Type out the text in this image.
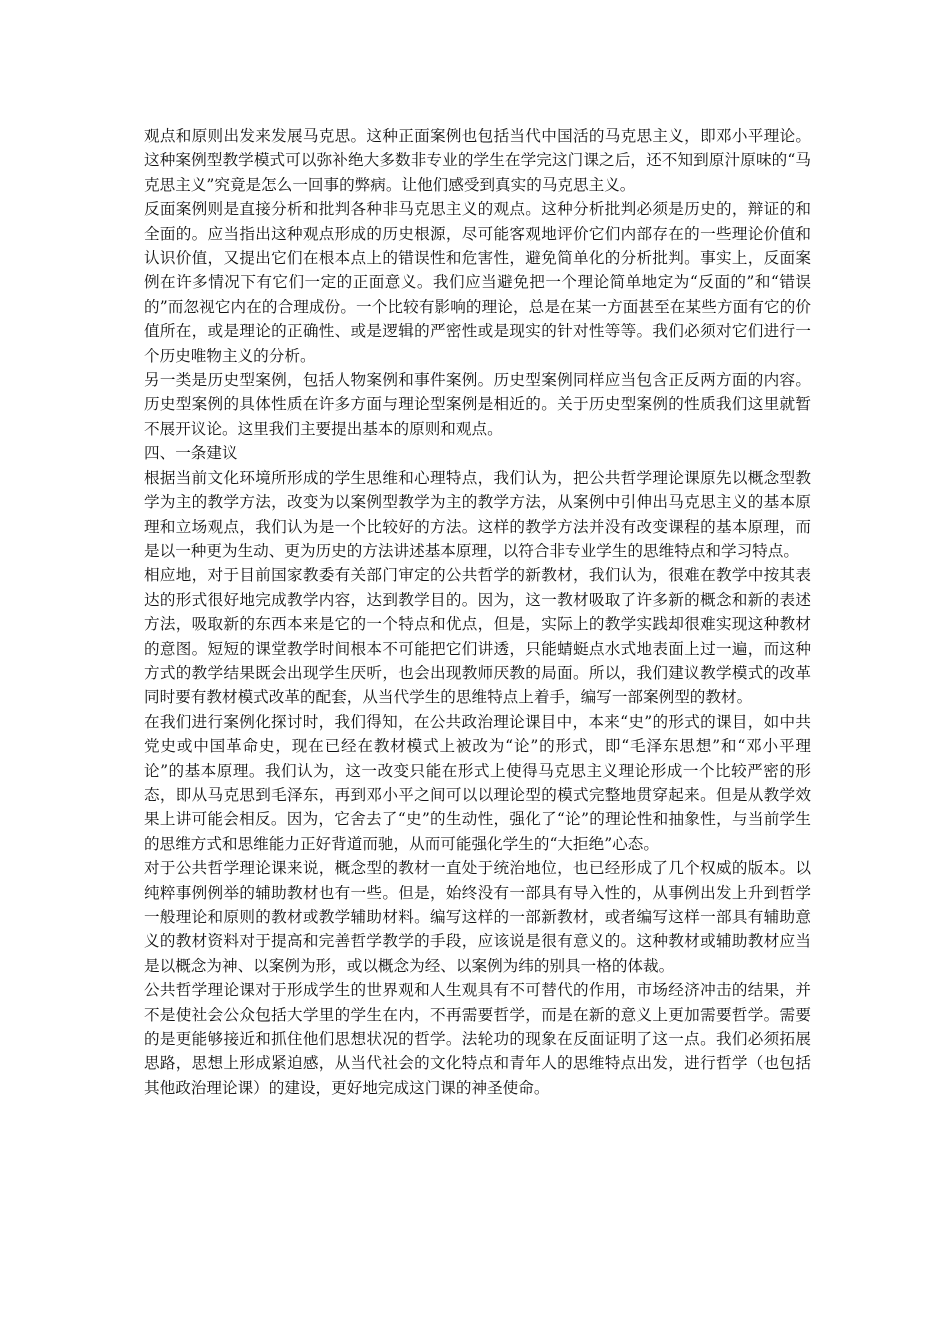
观点和原则出发来发展马克思。这种正面案例也包括当代中国活的马克思主义，即邓小平理论。这种案例型教学模式可以弥补绝大多数非专业的学生在学完这门课之后，还不知到原汁原味的“马克思主义”究竟是怎么一回事的弊病。让他们感受到真实的马克思主义。

反面案例则是直接分析和批判各种非马克思主义的观点。这种分析批判必须是历史的，辩证的和全面的。应当指出这种观点形成的历史根源，尽可能客观地评价它们内部存在的一些理论价值和认识价值，又提出它们在根本点上的错误性和危害性，避免简单化的分析批判。事实上，反面案例在许多情况下有它们一定的正面意义。我们应当避免把一个理论简单地定为“反面的”和“错误的”而忽视它内在的合理成份。一个比较有影响的理论，总是在某一方面甚至在某些方面有它的价值所在，或是理论的正确性、或是逻辑的严密性或是现实的针对性等等。我们必须对它们进行一个历史唯物主义的分析。

另一类是历史型案例，包括人物案例和事件案例。历史型案例同样应当包含正反两方面的内容。历史型案例的具体性质在许多方面与理论型案例是相近的。关于历史型案例的性质我们这里就暂不展开议论。这里我们主要提出基本的原则和观点。

四、一条建议

根据当前文化环境所形成的学生思维和心理特点，我们认为，把公共哲学理论课原先以概念型教学为主的教学方法，改变为以案例型教学为主的教学方法，从案例中引伸出马克思主义的基本原理和立场观点，我们认为是一个比较好的方法。这样的教学方法并没有改变课程的基本原理，而是以一种更为生动、更为历史的方法讲述基本原理，以符合非专业学生的思维特点和学习特点。

相应地，对于目前国家教委有关部门审定的公共哲学的新教材，我们认为，很难在教学中按其表达的形式很好地完成教学内容，达到教学目的。因为，这一教材吸取了许多新的概念和新的表述方法，吸取新的东西本来是它的一个特点和优点，但是，实际上的教学实践却很难实现这种教材的意图。短短的课堂教学时间根本不可能把它们讲透，只能蜻蜓点水式地表面上过一遍，而这种方式的教学结果既会出现学生厌听，也会出现教师厌教的局面。所以，我们建议教学模式的改革同时要有教材模式改革的配套，从当代学生的思维特点上着手，编写一部案例型的教材。

在我们进行案例化探讨时，我们得知，在公共政治理论课目中，本来“史”的形式的课目，如中共党史或中国革命史，现在已经在教材模式上被改为“论”的形式，即“毛泽东思想”和“邓小平理论”的基本原理。我们认为，这一改变只能在形式上使得马克思主义理论形成一个比较严密的形态，即从马克思到毛泽东，再到邓小平之间可以以理论型的模式完整地贯穿起来。但是从教学效果上讲可能会相反。因为，它舍去了“史”的生动性，强化了“论”的理论性和抽象性，与当前学生的思维方式和思维能力正好背道而驰，从而可能强化学生的“大拒绝”心态。

对于公共哲学理论课来说，概念型的教材一直处于统治地位，也已经形成了几个权威的版本。以纯粹事例例举的辅助教材也有一些。但是，始终没有一部具有导入性的，从事例出发上升到哲学一般理论和原则的教材或教学辅助材料。编写这样的一部新教材，或者编写这样一部具有辅助意义的教材资料对于提高和完善哲学教学的手段，应该说是很有意义的。这种教材或辅助教材应当是以概念为神、以案例为形，或以概念为经、以案例为纬的别具一格的体裁。

公共哲学理论课对于形成学生的世界观和人生观具有不可替代的作用，市场经济冲击的结果，并不是使社会公众包括大学里的学生在内，不再需要哲学，而是在新的意义上更加需要哲学。需要的是更能够接近和抓住他们思想状况的哲学。法轮功的现象在反面证明了这一点。我们必须拓展思路，思想上形成紧迫感，从当代社会的文化特点和青年人的思维特点出发，进行哲学（也包括其他政治理论课）的建设，更好地完成这门课的神圣使命。
